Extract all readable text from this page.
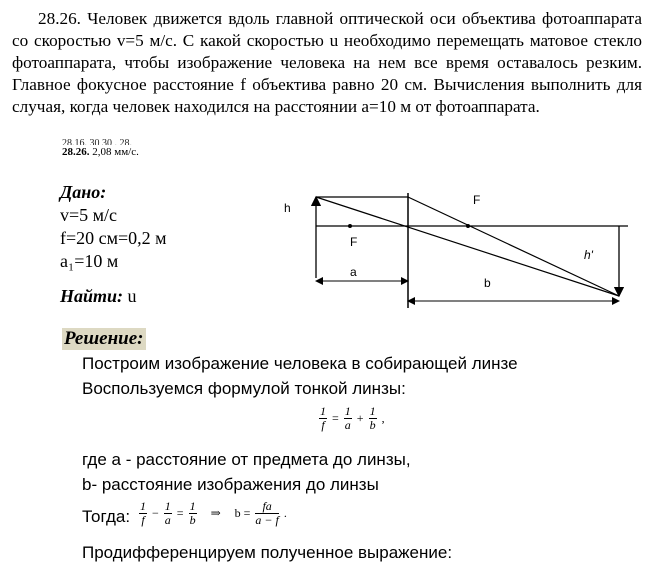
28.26. Человек движется вдоль главной оптической оси объектива фотоаппарата со скоростью v=5 м/с. С какой скоростью u необходимо перемещать матовое стекло фотоаппарата, чтобы изображение человека на нем все время оставалось резким. Главное фокусное расстояние f объектива равно 20 см. Вычисления выполнить для случая, когда человек находился на расстоянии a=10 м от фотоаппарата.

28.16. 30 30 . 28.
28.26. 2,08 мм/с.
Дано:
v=5 м/с
f=20 см=0,2 м
a₁=10 м
Найти: u
h
F
F
h'
a
b
Решение:
Построим изображение человека в собирающей линзе
Воспользуемся формулой тонкой линзы:
$\frac{1}{f} = \frac{1}{a} + \frac{1}{b}$ ,
где a - расстояние от предмета до линзы,
b- расстояние изображения до линзы
Тогда: $\frac{1}{f} - \frac{1}{a} = \frac{1}{b}$ ⇒ $b = \frac{fa}{a - f}$ .
Продифференцируем полученное выражение:
